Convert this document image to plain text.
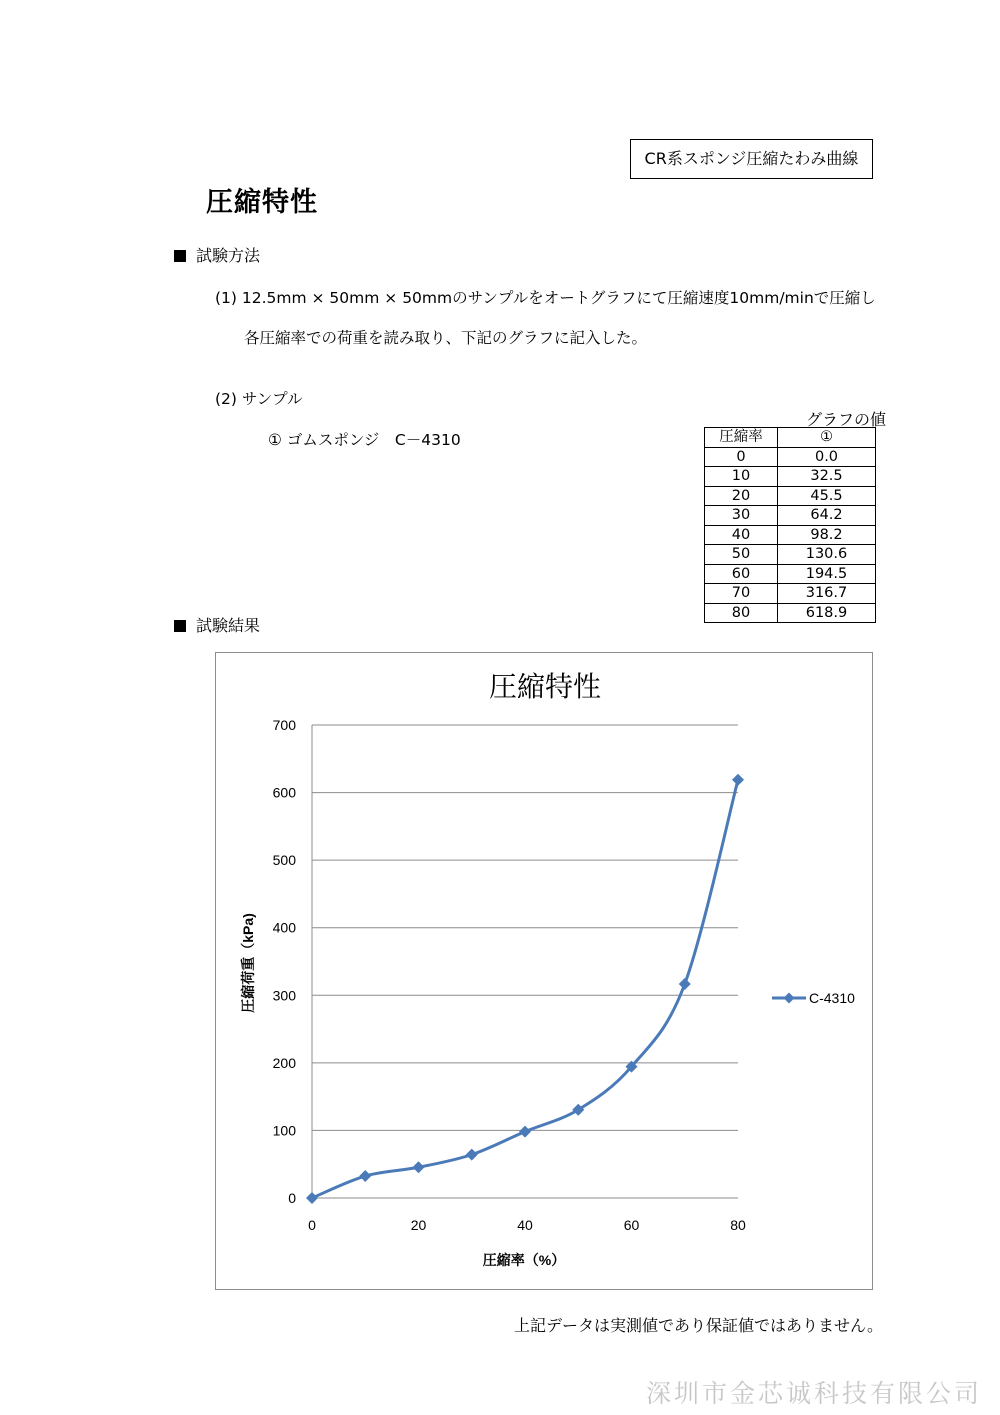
CR系スポンジ圧縮たわみ曲線
圧縮特性
試験方法
(1) 12.5mm × 50mm × 50mmのサンプルをオートグラフにて圧縮速度10mm/minで圧縮し
各圧縮率での荷重を読み取り、下記のグラフに記入した。
(2) サンプル
① ゴムスポンジ　C－4310
グラフの値
圧縮率	①
0	0.0
10	32.5
20	45.5
30	64.2
40	98.2
50	130.6
60	194.5
70	316.7
80	618.9
試験結果
圧縮特性
0
100
200
300
400
500
600
700
0	20	40	60	80
圧縮率（%）
圧縮荷重（kPa)	C-4310
上記データは実測値であり保証値ではありません。
深圳市金芯诚科技有限公司
